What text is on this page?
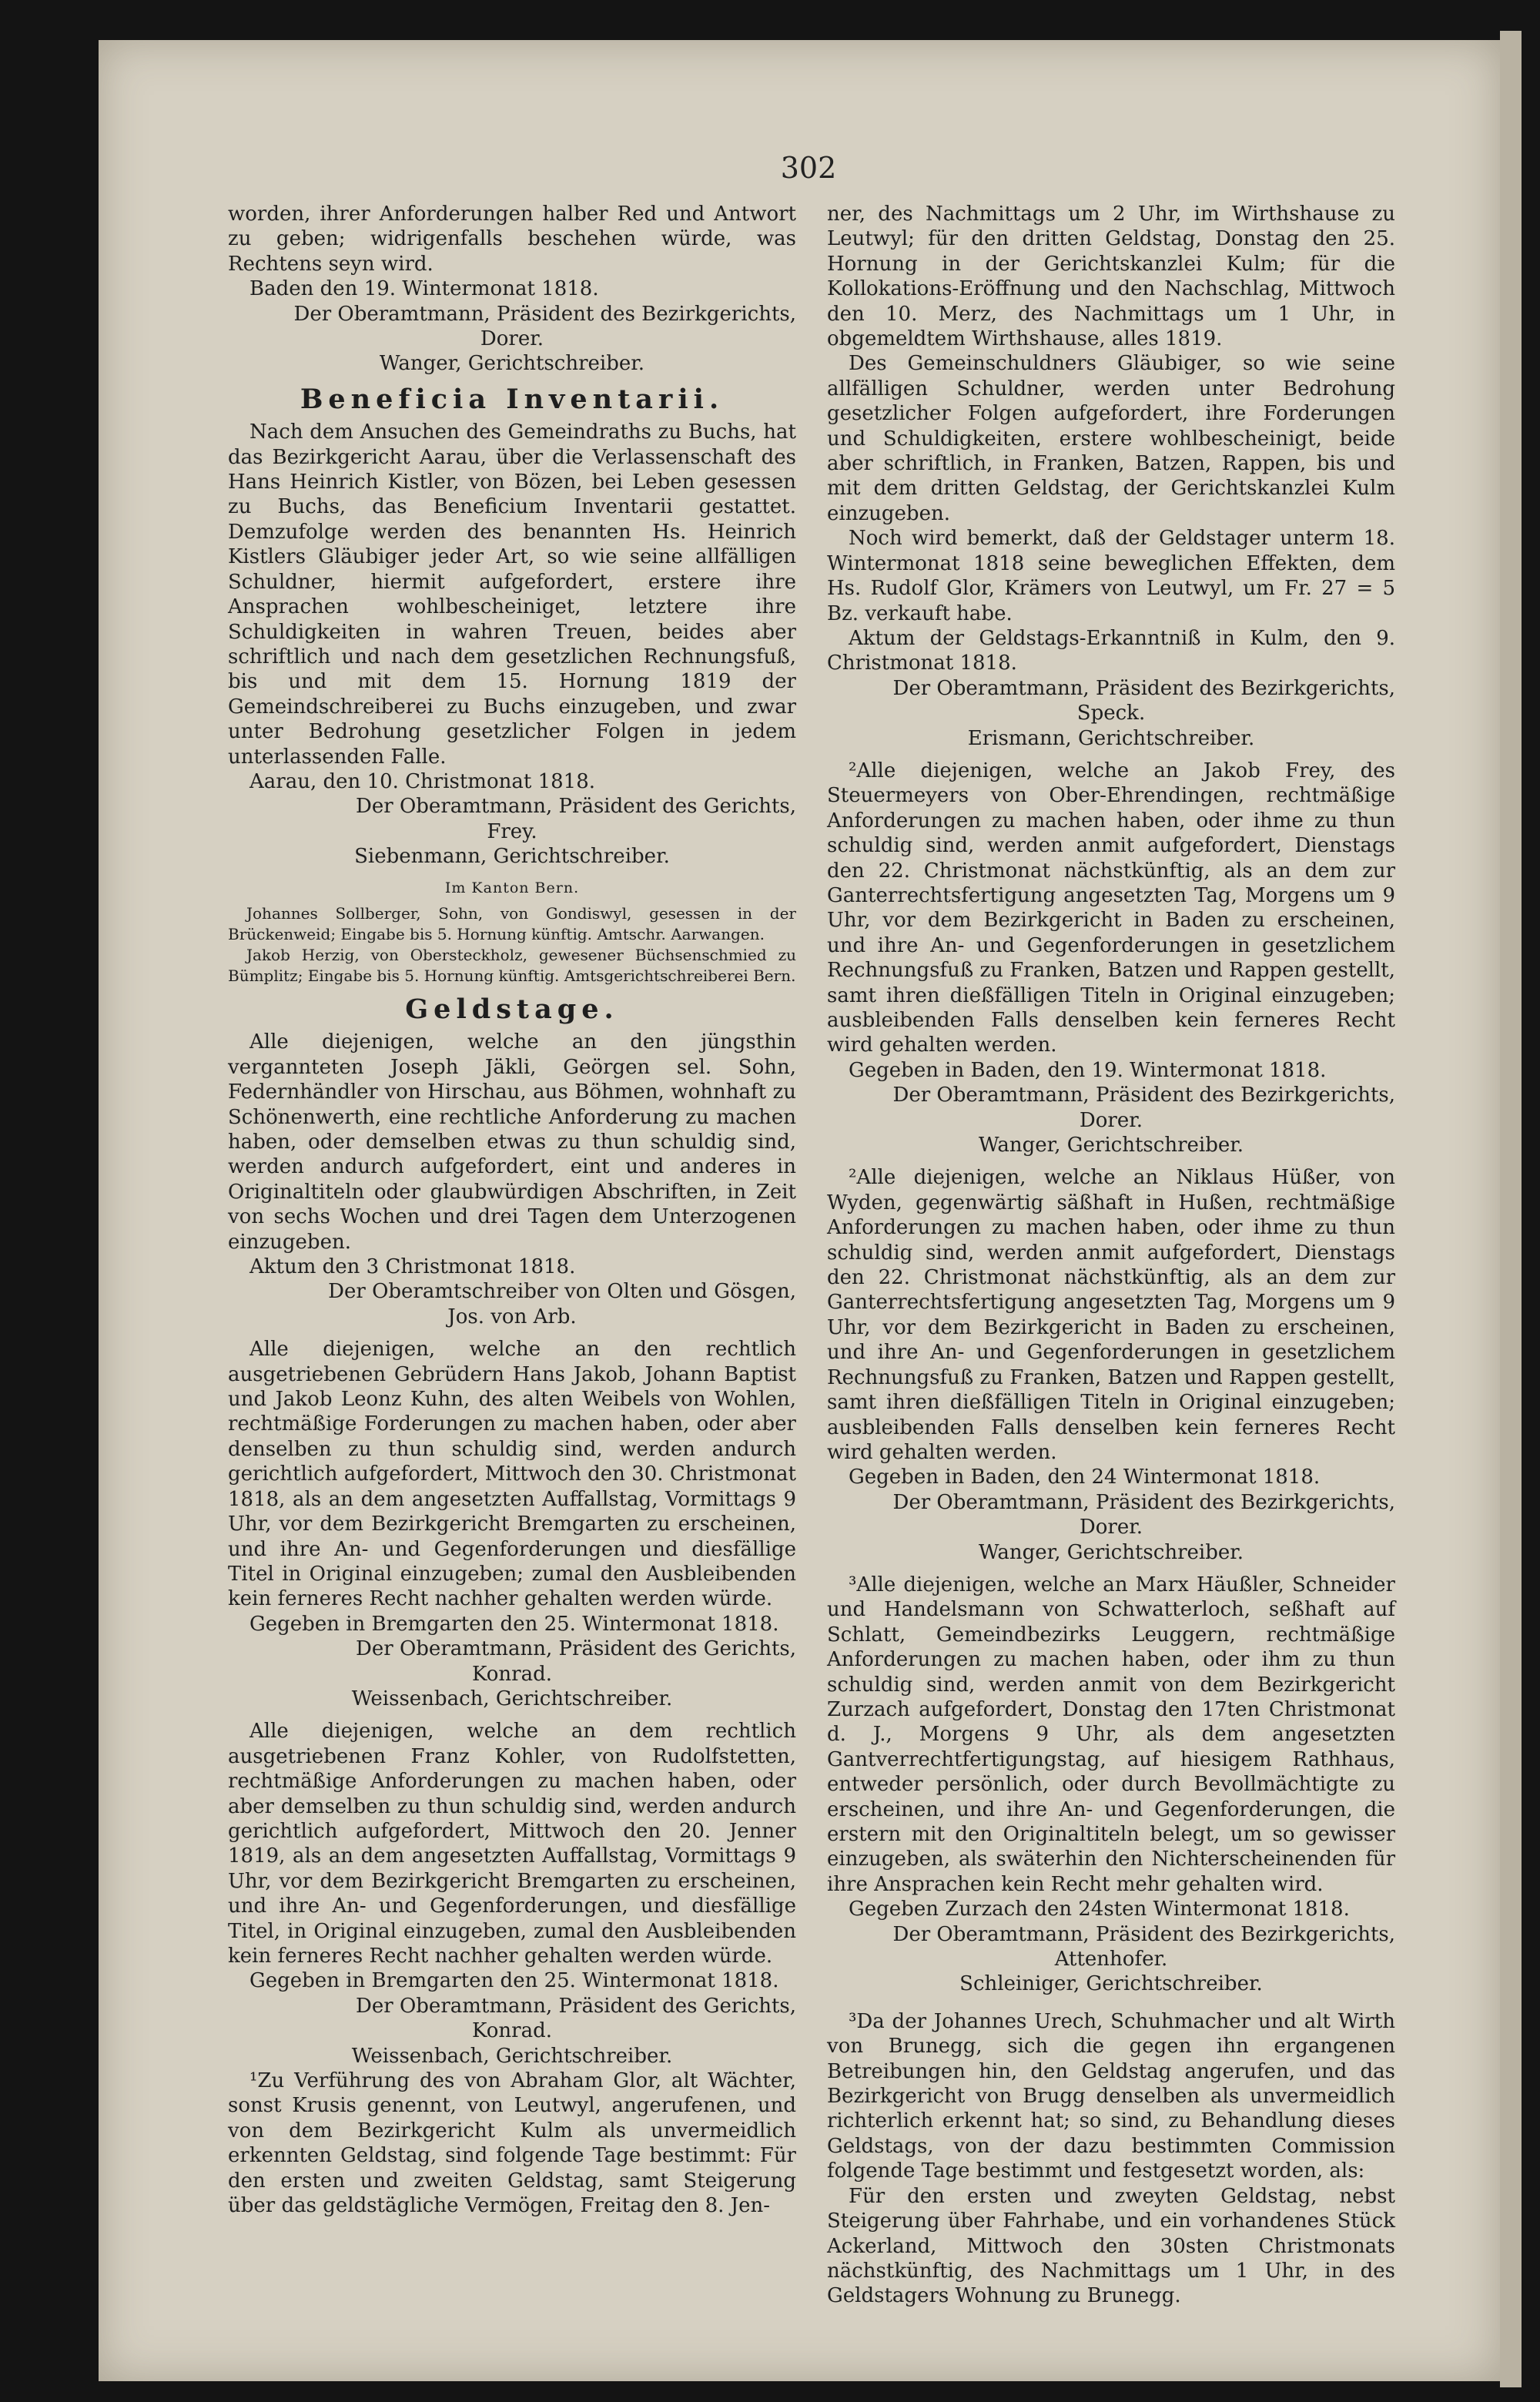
302

worden, ihrer Anforderungen halber Red und Antwort zu geben; widrigenfalls beschehen würde, was Rechtens seyn wird.

Baden den 19. Wintermonat 1818.

Der Oberamtmann, Präsident des Bezirkgerichts,

Dorer.

Wanger, Gerichtschreiber.

Beneficia Inventarii.

Nach dem Ansuchen des Gemeindraths zu Buchs, hat das Bezirkgericht Aarau, über die Verlassenschaft des Hans Heinrich Kistler, von Bözen, bei Leben gesessen zu Buchs, das Beneficium Inventarii gestattet. Demzufolge werden des benannten Hs. Heinrich Kistlers Gläubiger jeder Art, so wie seine allfälligen Schuldner, hiermit aufgefordert, erstere ihre Ansprachen wohlbescheiniget, letztere ihre Schuldigkeiten in wahren Treuen, beides aber schriftlich und nach dem gesetzlichen Rechnungsfuß, bis und mit dem 15. Hornung 1819 der Gemeindschreiberei zu Buchs einzugeben, und zwar unter Bedrohung gesetzlicher Folgen in jedem unterlassenden Falle.

Aarau, den 10. Christmonat 1818.

Der Oberamtmann, Präsident des Gerichts,

Frey.

Siebenmann, Gerichtschreiber.

Im Kanton Bern.

Johannes Sollberger, Sohn, von Gondiswyl, gesessen in der Brückenweid; Eingabe bis 5. Hornung künftig. Amtschr. Aarwangen.

Jakob Herzig, von Obersteckholz, gewesener Büchsenschmied zu Bümplitz; Eingabe bis 5. Hornung künftig. Amtsgerichtschreiberei Bern.

Geldstage.

Alle diejenigen, welche an den jüngsthin vergannteten Joseph Jäkli, Geörgen sel. Sohn, Federnhändler von Hirschau, aus Böhmen, wohnhaft zu Schönenwerth, eine rechtliche Anforderung zu machen haben, oder demselben etwas zu thun schuldig sind, werden andurch aufgefordert, eint und anderes in Originaltiteln oder glaubwürdigen Abschriften, in Zeit von sechs Wochen und drei Tagen dem Unterzogenen einzugeben.

Aktum den 3 Christmonat 1818.

Der Oberamtschreiber von Olten und Gösgen,

Jos. von Arb.

Alle diejenigen, welche an den rechtlich ausgetriebenen Gebrüdern Hans Jakob, Johann Baptist und Jakob Leonz Kuhn, des alten Weibels von Wohlen, rechtmäßige Forderungen zu machen haben, oder aber denselben zu thun schuldig sind, werden andurch gerichtlich aufgefordert, Mittwoch den 30. Christmonat 1818, als an dem angesetzten Auffallstag, Vormittags 9 Uhr, vor dem Bezirkgericht Bremgarten zu erscheinen, und ihre An- und Gegenforderungen und diesfällige Titel in Original einzugeben; zumal den Ausbleibenden kein ferneres Recht nachher gehalten werden würde.

Gegeben in Bremgarten den 25. Wintermonat 1818.

Der Oberamtmann, Präsident des Gerichts,

Konrad.

Weissenbach, Gerichtschreiber.

Alle diejenigen, welche an dem rechtlich ausgetriebenen Franz Kohler, von Rudolfstetten, rechtmäßige Anforderungen zu machen haben, oder aber demselben zu thun schuldig sind, werden andurch gerichtlich aufgefordert, Mittwoch den 20. Jenner 1819, als an dem angesetzten Auffallstag, Vormittags 9 Uhr, vor dem Bezirkgericht Bremgarten zu erscheinen, und ihre An- und Gegenforderungen, und diesfällige Titel, in Original einzugeben, zumal den Ausbleibenden kein ferneres Recht nachher gehalten werden würde.

Gegeben in Bremgarten den 25. Wintermonat 1818.

Der Oberamtmann, Präsident des Gerichts,

Konrad.

Weissenbach, Gerichtschreiber.

¹Zu Verführung des von Abraham Glor, alt Wächter, sonst Krusis genennt, von Leutwyl, angerufenen, und von dem Bezirkgericht Kulm als unvermeidlich erkennten Geldstag, sind folgende Tage bestimmt: Für den ersten und zweiten Geldstag, samt Steigerung über das geldstägliche Vermögen, Freitag den 8. Jen-

ner, des Nachmittags um 2 Uhr, im Wirthshause zu Leutwyl; für den dritten Geldstag, Donstag den 25. Hornung in der Gerichtskanzlei Kulm; für die Kollokations-Eröffnung und den Nachschlag, Mittwoch den 10. Merz, des Nachmittags um 1 Uhr, in obgemeldtem Wirthshause, alles 1819.

Des Gemeinschuldners Gläubiger, so wie seine allfälligen Schuldner, werden unter Bedrohung gesetzlicher Folgen aufgefordert, ihre Forderungen und Schuldigkeiten, erstere wohlbescheinigt, beide aber schriftlich, in Franken, Batzen, Rappen, bis und mit dem dritten Geldstag, der Gerichtskanzlei Kulm einzugeben.

Noch wird bemerkt, daß der Geldstager unterm 18. Wintermonat 1818 seine beweglichen Effekten, dem Hs. Rudolf Glor, Krämers von Leutwyl, um Fr. 27 = 5 Bz. verkauft habe.

Aktum der Geldstags-Erkanntniß in Kulm, den 9. Christmonat 1818.

Der Oberamtmann, Präsident des Bezirkgerichts,

Speck.

Erismann, Gerichtschreiber.

²Alle diejenigen, welche an Jakob Frey, des Steuermeyers von Ober-Ehrendingen, rechtmäßige Anforderungen zu machen haben, oder ihme zu thun schuldig sind, werden anmit aufgefordert, Dienstags den 22. Christmonat nächstkünftig, als an dem zur Ganterrechtsfertigung angesetzten Tag, Morgens um 9 Uhr, vor dem Bezirkgericht in Baden zu erscheinen, und ihre An- und Gegenforderungen in gesetzlichem Rechnungsfuß zu Franken, Batzen und Rappen gestellt, samt ihren dießfälligen Titeln in Original einzugeben; ausbleibenden Falls denselben kein ferneres Recht wird gehalten werden.

Gegeben in Baden, den 19. Wintermonat 1818.

Der Oberamtmann, Präsident des Bezirkgerichts,

Dorer.

Wanger, Gerichtschreiber.

²Alle diejenigen, welche an Niklaus Hüßer, von Wyden, gegenwärtig säßhaft in Hußen, rechtmäßige Anforderungen zu machen haben, oder ihme zu thun schuldig sind, werden anmit aufgefordert, Dienstags den 22. Christmonat nächstkünftig, als an dem zur Ganterrechtsfertigung angesetzten Tag, Morgens um 9 Uhr, vor dem Bezirkgericht in Baden zu erscheinen, und ihre An- und Gegenforderungen in gesetzlichem Rechnungsfuß zu Franken, Batzen und Rappen gestellt, samt ihren dießfälligen Titeln in Original einzugeben; ausbleibenden Falls denselben kein ferneres Recht wird gehalten werden.

Gegeben in Baden, den 24 Wintermonat 1818.

Der Oberamtmann, Präsident des Bezirkgerichts,

Dorer.

Wanger, Gerichtschreiber.

³Alle diejenigen, welche an Marx Häußler, Schneider und Handelsmann von Schwatterloch, seßhaft auf Schlatt, Gemeindbezirks Leuggern, rechtmäßige Anforderungen zu machen haben, oder ihm zu thun schuldig sind, werden anmit von dem Bezirkgericht Zurzach aufgefordert, Donstag den 17ten Christmonat d. J., Morgens 9 Uhr, als dem angesetzten Gantverrechtfertigungstag, auf hiesigem Rathhaus, entweder persönlich, oder durch Bevollmächtigte zu erscheinen, und ihre An- und Gegenforderungen, die erstern mit den Originaltiteln belegt, um so gewisser einzugeben, als swäterhin den Nichterscheinenden für ihre Ansprachen kein Recht mehr gehalten wird.

Gegeben Zurzach den 24sten Wintermonat 1818.

Der Oberamtmann, Präsident des Bezirkgerichts,

Attenhofer.

Schleiniger, Gerichtschreiber.

³Da der Johannes Urech, Schuhmacher und alt Wirth von Brunegg, sich die gegen ihn ergangenen Betreibungen hin, den Geldstag angerufen, und das Bezirkgericht von Brugg denselben als unvermeidlich richterlich erkennt hat; so sind, zu Behandlung dieses Geldstags, von der dazu bestimmten Commission folgende Tage bestimmt und festgesetzt worden, als:

Für den ersten und zweyten Geldstag, nebst Steigerung über Fahrhabe, und ein vorhandenes Stück Ackerland, Mittwoch den 30sten Christmonats nächstkünftig, des Nachmittags um 1 Uhr, in des Geldstagers Wohnung zu Brunegg.
